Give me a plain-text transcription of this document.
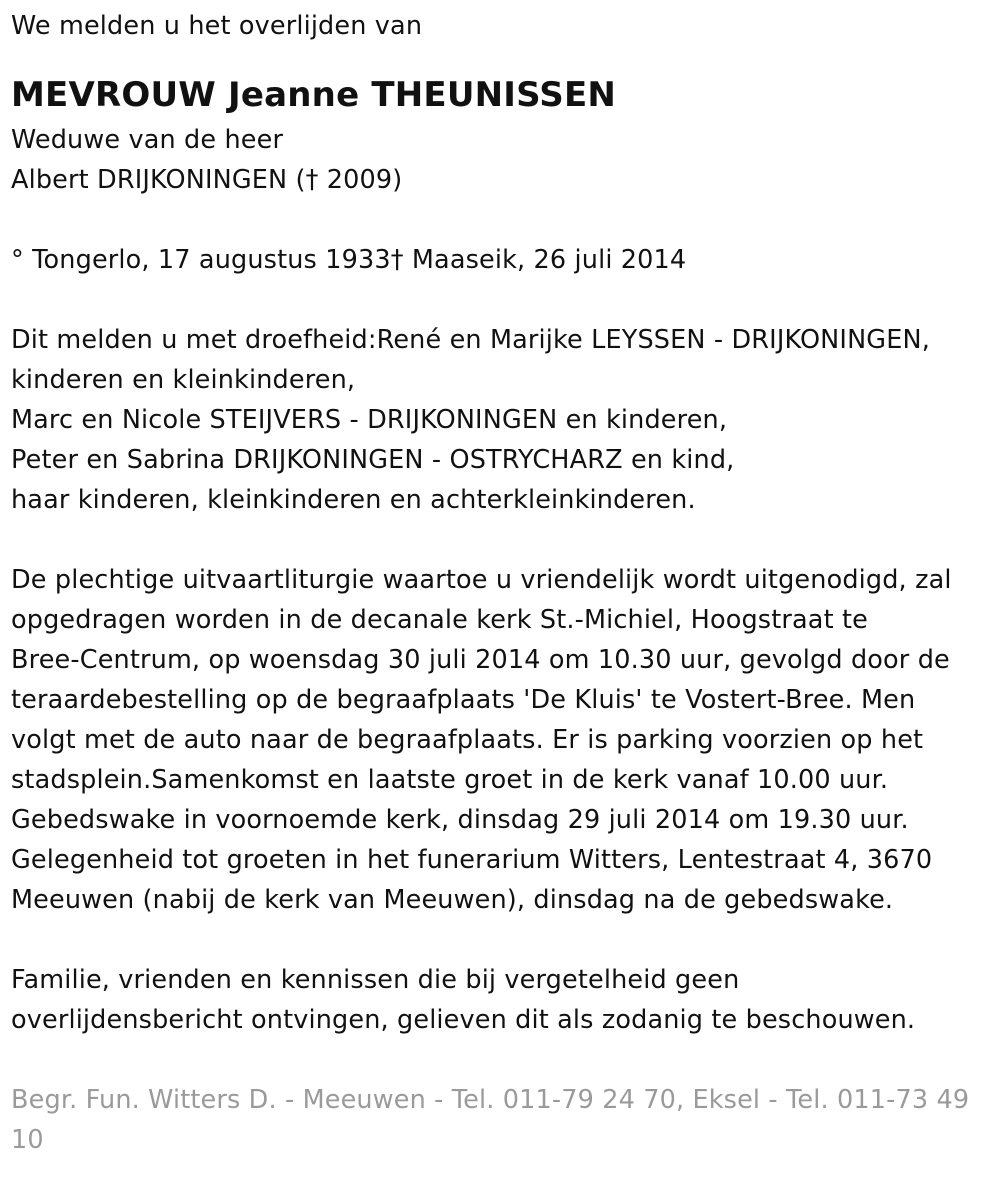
We melden u het overlijden van
MEVROUW Jeanne THEUNISSEN
Weduwe van de heer
Albert DRIJKONINGEN († 2009)
° Tongerlo, 17 augustus 1933† Maaseik, 26 juli 2014
Dit melden u met droefheid:René en Marijke LEYSSEN - DRIJKONINGEN,
kinderen en kleinkinderen,
Marc en Nicole STEIJVERS - DRIJKONINGEN en kinderen,
Peter en Sabrina DRIJKONINGEN - OSTRYCHARZ en kind,
haar kinderen, kleinkinderen en achterkleinkinderen.
De plechtige uitvaartliturgie waartoe u vriendelijk wordt uitgenodigd, zal
opgedragen worden in de decanale kerk St.-Michiel, Hoogstraat te
Bree-Centrum, op woensdag 30 juli 2014 om 10.30 uur, gevolgd door de
teraardebestelling op de begraafplaats 'De Kluis' te Vostert-Bree. Men
volgt met de auto naar de begraafplaats. Er is parking voorzien op het
stadsplein.Samenkomst en laatste groet in de kerk vanaf 10.00 uur.
Gebedswake in voornoemde kerk, dinsdag 29 juli 2014 om 19.30 uur.
Gelegenheid tot groeten in het funerarium Witters, Lentestraat 4, 3670
Meeuwen (nabij de kerk van Meeuwen), dinsdag na de gebedswake.
Familie, vrienden en kennissen die bij vergetelheid geen
overlijdensbericht ontvingen, gelieven dit als zodanig te beschouwen.
Begr. Fun. Witters D. - Meeuwen - Tel. 011-79 24 70, Eksel - Tel. 011-73 49 10
